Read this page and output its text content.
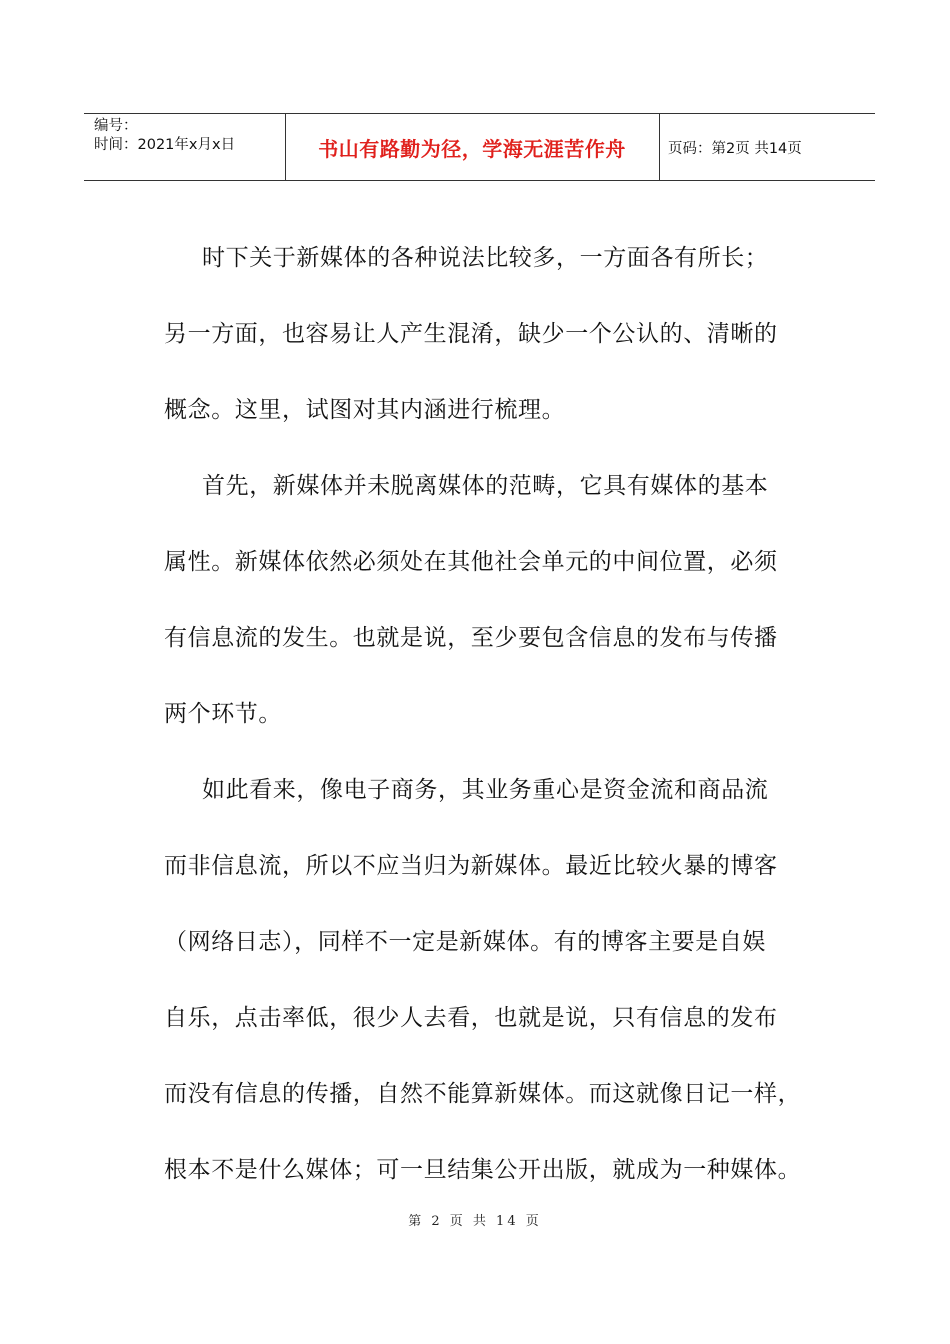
编号：
时间：2021年x月x日	书山有路勤为径，学海无涯苦作舟	页码：第2页 共14页

时下关于新媒体的各种说法比较多，一方面各有所长；

另一方面，也容易让人产生混淆，缺少一个公认的、清晰的

概念。这里，试图对其内涵进行梳理。

首先，新媒体并未脱离媒体的范畴，它具有媒体的基本

属性。新媒体依然必须处在其他社会单元的中间位置，必须

有信息流的发生。也就是说，至少要包含信息的发布与传播

两个环节。

如此看来，像电子商务，其业务重心是资金流和商品流

而非信息流，所以不应当归为新媒体。最近比较火暴的博客

（网络日志），同样不一定是新媒体。有的博客主要是自娱

自乐，点击率低，很少人去看，也就是说，只有信息的发布

而没有信息的传播，自然不能算新媒体。而这就像日记一样，

根本不是什么媒体；可一旦结集公开出版，就成为一种媒体。

第 2 页 共 14 页
